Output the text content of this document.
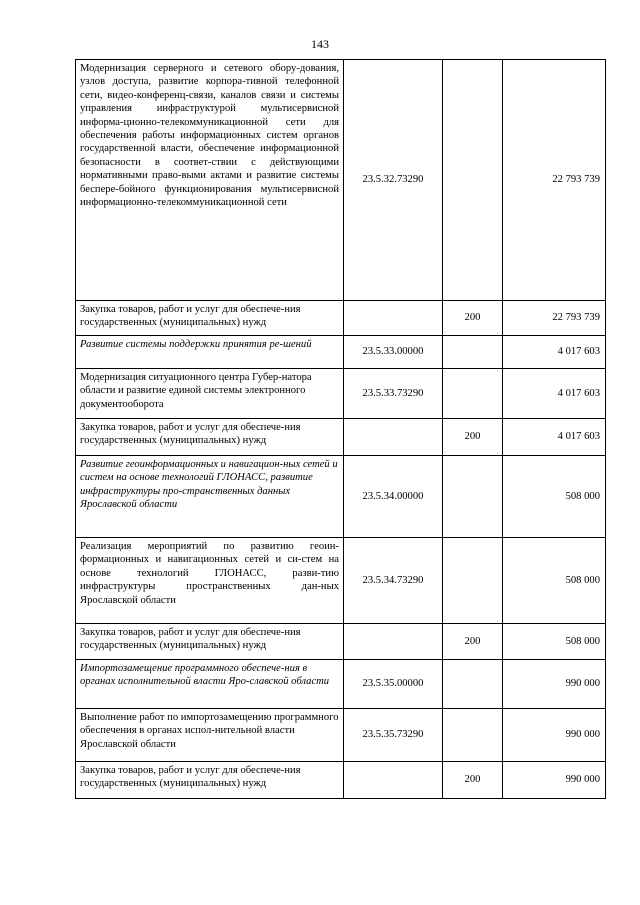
143
Модернизация серверного и сетевого обору-дования, узлов доступа, развитие корпора-тивной телефонной сети, видео-конференц-связи, каналов связи и системы управления инфраструктурой мультисервисной информа-ционно-телекоммуникационной сети для обеспечения работы информационных систем органов государственной власти, обеспечение информационной безопасности в соответ-ствии с действующими нормативными право-выми актами и развитие системы беспере-бойного функционирования мультисервисной информационно-телекоммуникационной сети	23.5.32.73290		22 793 739
Закупка товаров, работ и услуг для обеспече-ния государственных (муниципальных) нужд		200	22 793 739
Развитие системы поддержки принятия ре-шений	23.5.33.00000		4 017 603
Модернизация ситуационного центра Губер-натора области и развитие единой системы электронного документооборота	23.5.33.73290		4 017 603
Закупка товаров, работ и услуг для обеспече-ния государственных (муниципальных) нужд		200	4 017 603
Развитие геоинформационных и навигацион-ных сетей и систем на основе технологий ГЛОНАСС, развитие инфраструктуры про-странственных данных Ярославской области	23.5.34.00000		508 000
Реализация мероприятий по развитию геоин-формационных и навигационных сетей и си-стем на основе технологий ГЛОНАСС, разви-тию инфраструктуры пространственных дан-ных Ярославской области	23.5.34.73290		508 000
Закупка товаров, работ и услуг для обеспече-ния государственных (муниципальных) нужд		200	508 000
Импортозамещение программного обеспече-ния в органах исполнительной власти Яро-славской области	23.5.35.00000		990 000
Выполнение работ по импортозамещению программного обеспечения в органах испол-нительной власти Ярославской области	23.5.35.73290		990 000
Закупка товаров, работ и услуг для обеспече-ния государственных (муниципальных) нужд		200	990 000
